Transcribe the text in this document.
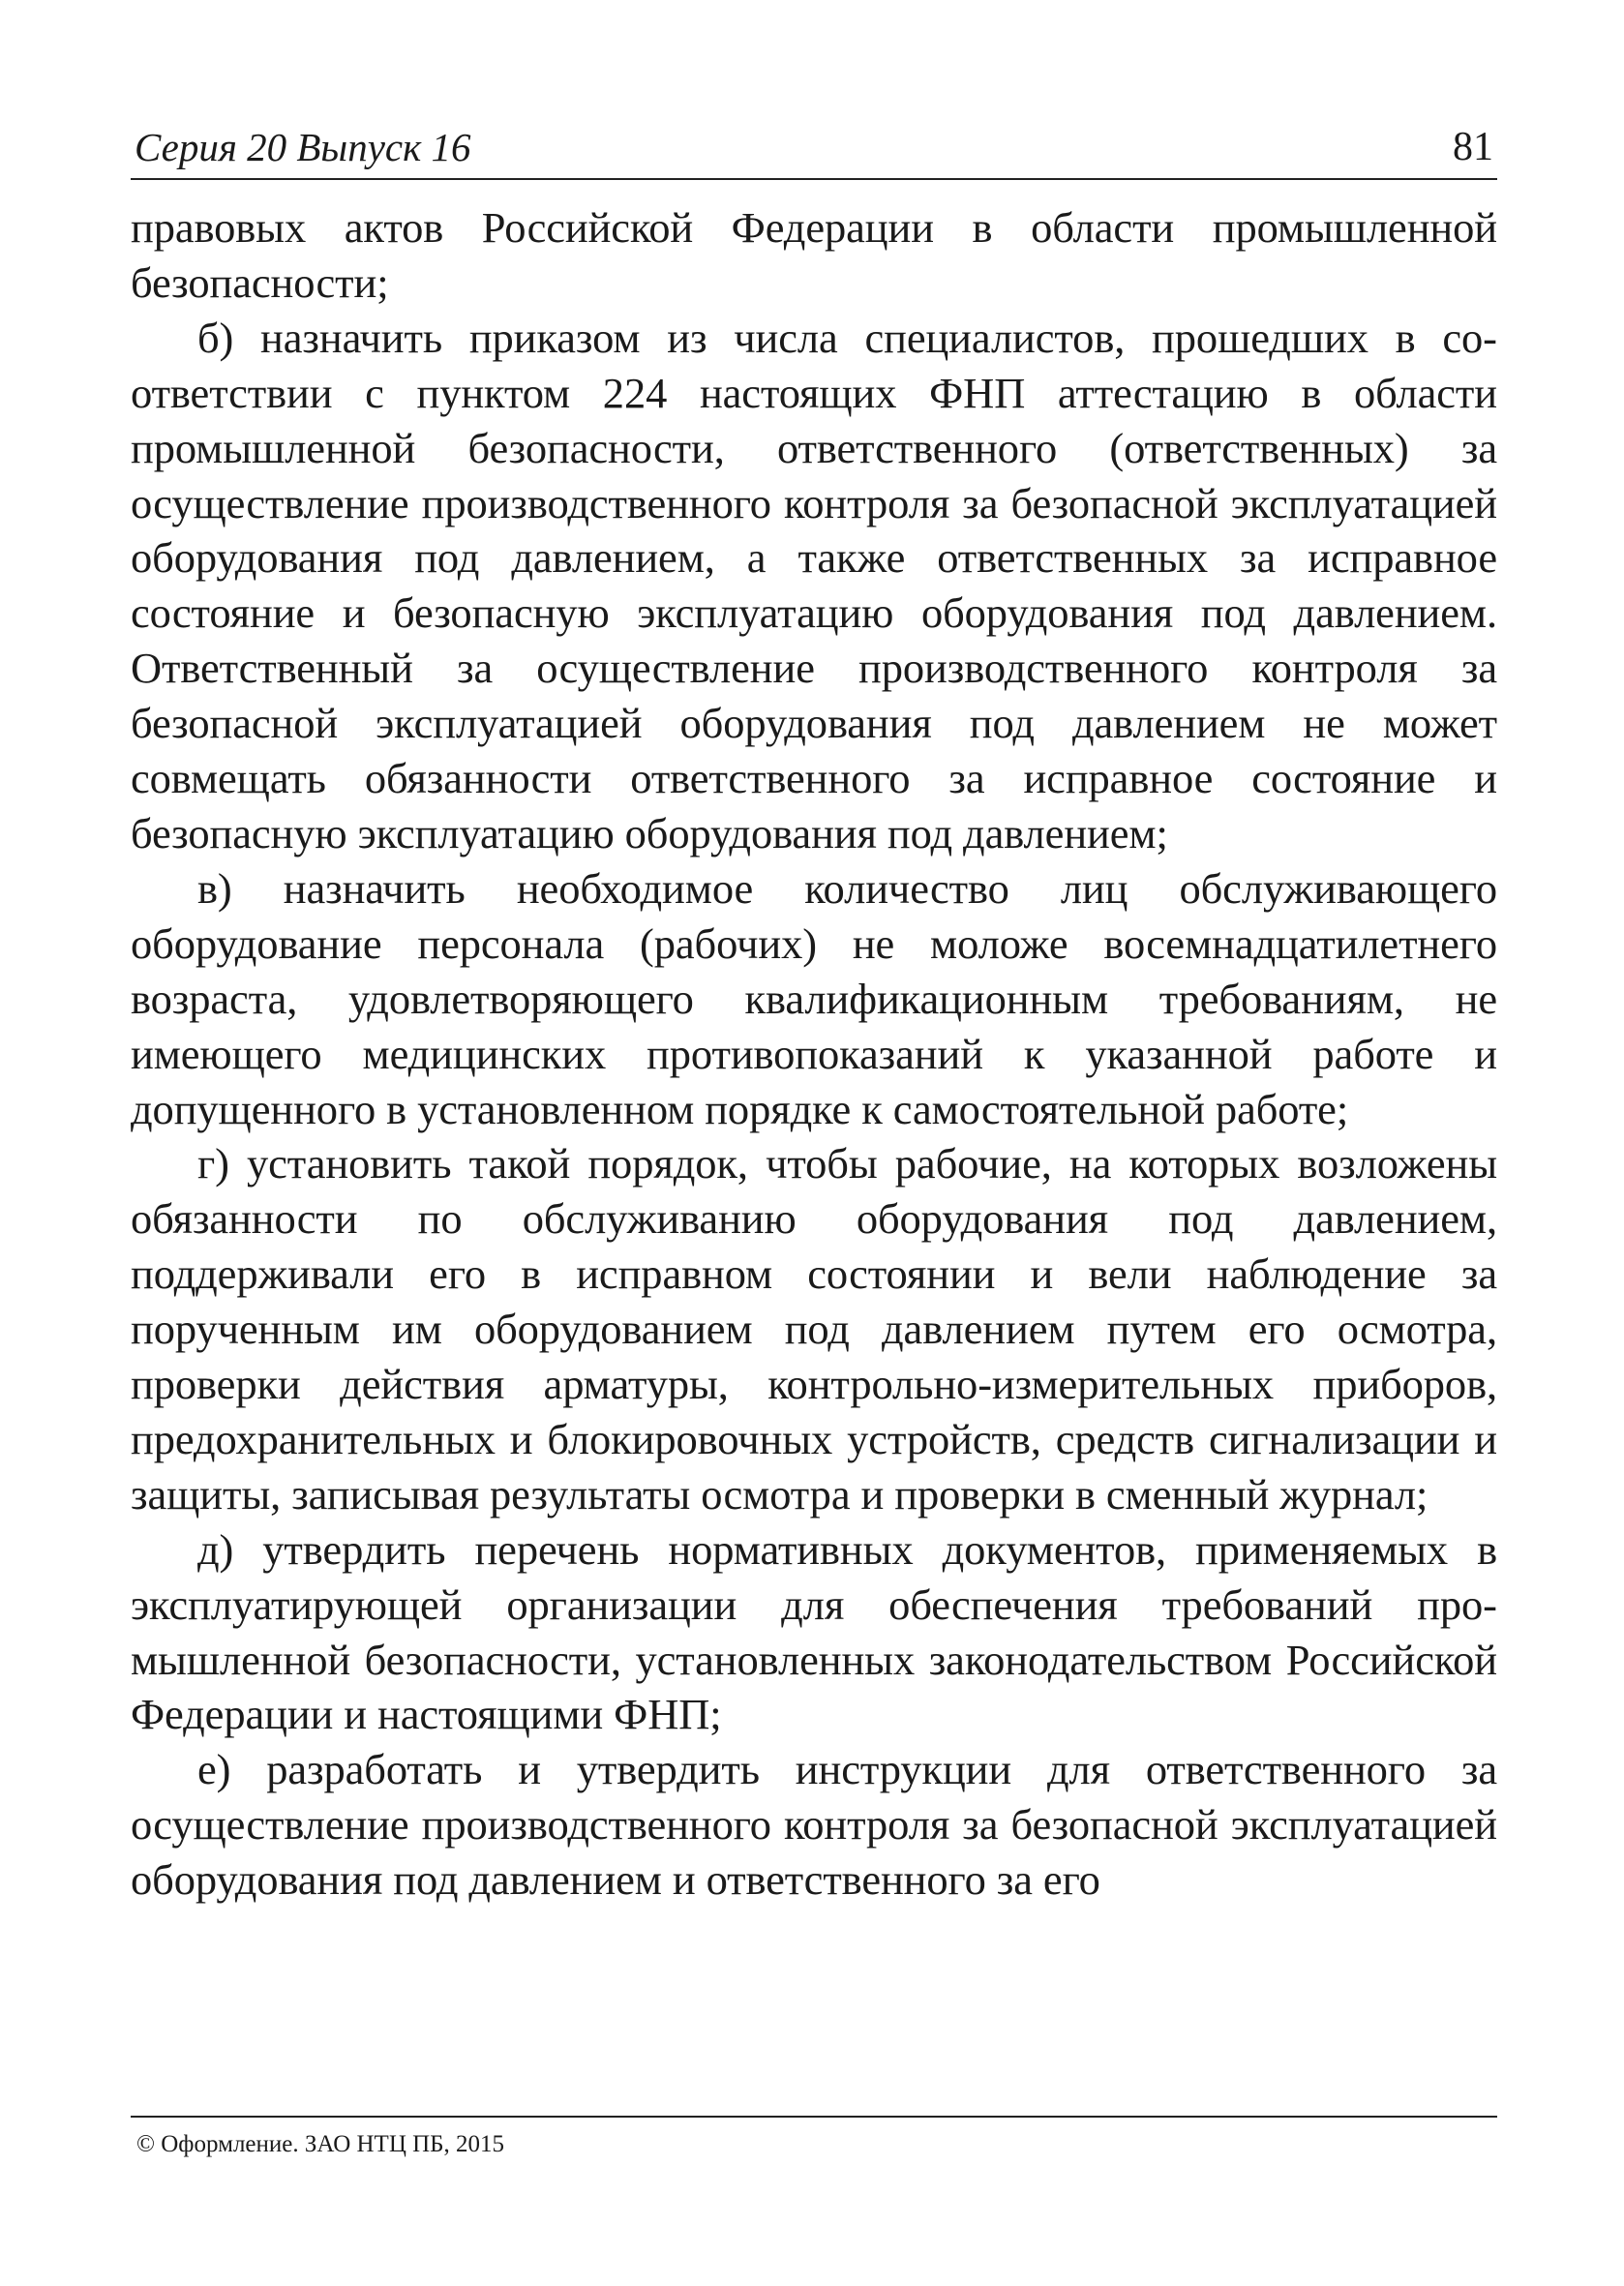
Серия 20 Выпуск 16	81

правовых актов Российской Федерации в области промышленной безопасности;

б) назначить приказом из числа специалистов, прошедших в соответствии с пунктом 224 настоящих ФНП аттестацию в области промышленной безопасности, ответственного (ответственных) за осуществление производственного контроля за безопасной эксплуатацией оборудования под давлением, а также ответственных за исправное состояние и безопасную эксплуатацию оборудования под давлением. Ответственный за осуществление производственного контроля за безопасной эксплуатацией оборудования под давлением не может совмещать обязанности ответственного за исправное состояние и безопасную эксплуатацию оборудования под давлением;

в) назначить необходимое количество лиц обслуживающего оборудование персонала (рабочих) не моложе восемнадцатилетнего возраста, удовлетворяющего квалификационным требованиям, не имеющего медицинских противопоказаний к указанной работе и допущенного в установленном порядке к самостоятельной работе;

г) установить такой порядок, чтобы рабочие, на которых возложены обязанности по обслуживанию оборудования под давлением, поддерживали его в исправном состоянии и вели наблюдение за порученным им оборудованием под давлением путем его осмотра, проверки действия арматуры, контрольно-измерительных приборов, предохранительных и блокировочных устройств, средств сигнализации и защиты, записывая результаты осмотра и проверки в сменный журнал;

д) утвердить перечень нормативных документов, применяемых в эксплуатирующей организации для обеспечения требований промышленной безопасности, установленных законодательством Российской Федерации и настоящими ФНП;

е) разработать и утвердить инструкции для ответственного за осуществление производственного контроля за безопасной эксплуатацией оборудования под давлением и ответственного за его

© Оформление. ЗАО НТЦ ПБ, 2015
